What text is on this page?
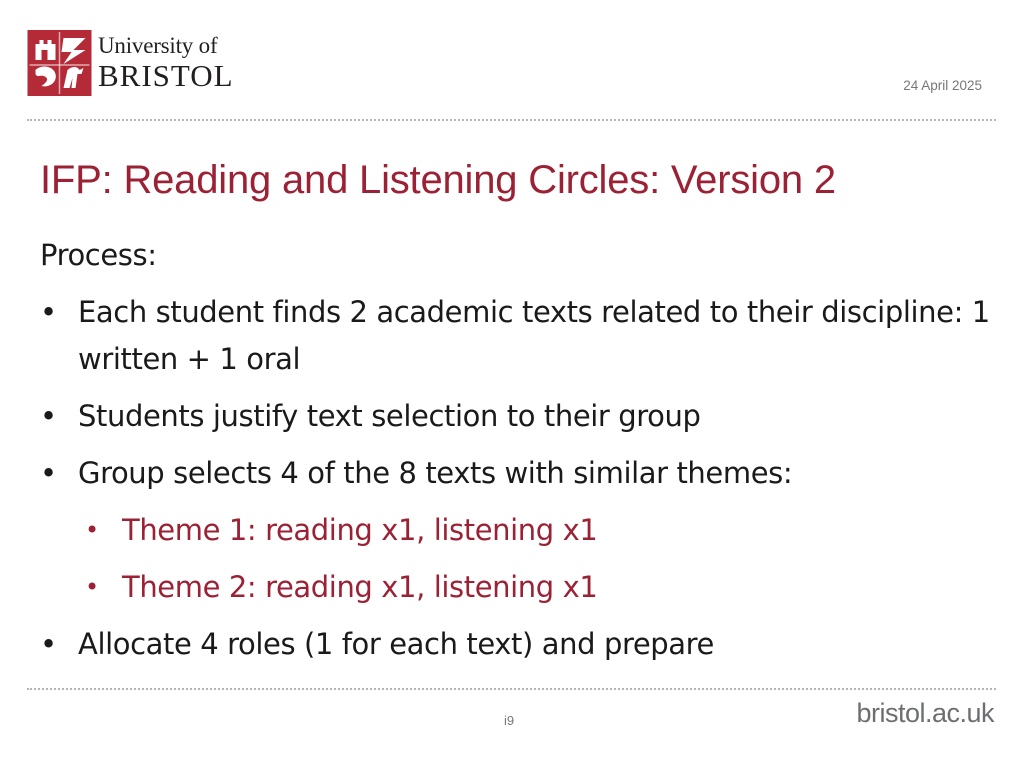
University of
BRISTOL	24 April 2025
IFP: Reading and Listening Circles: Version 2

Process:

• Each student finds 2 academic texts related to their discipline: 1 written + 1 oral
• Students justify text selection to their group
• Group selects 4 of the 8 texts with similar themes:
• Theme 1: reading x1, listening x1
• Theme 2: reading x1, listening x1
• Allocate 4 roles (1 for each text) and prepare
i9	bristol.ac.uk
